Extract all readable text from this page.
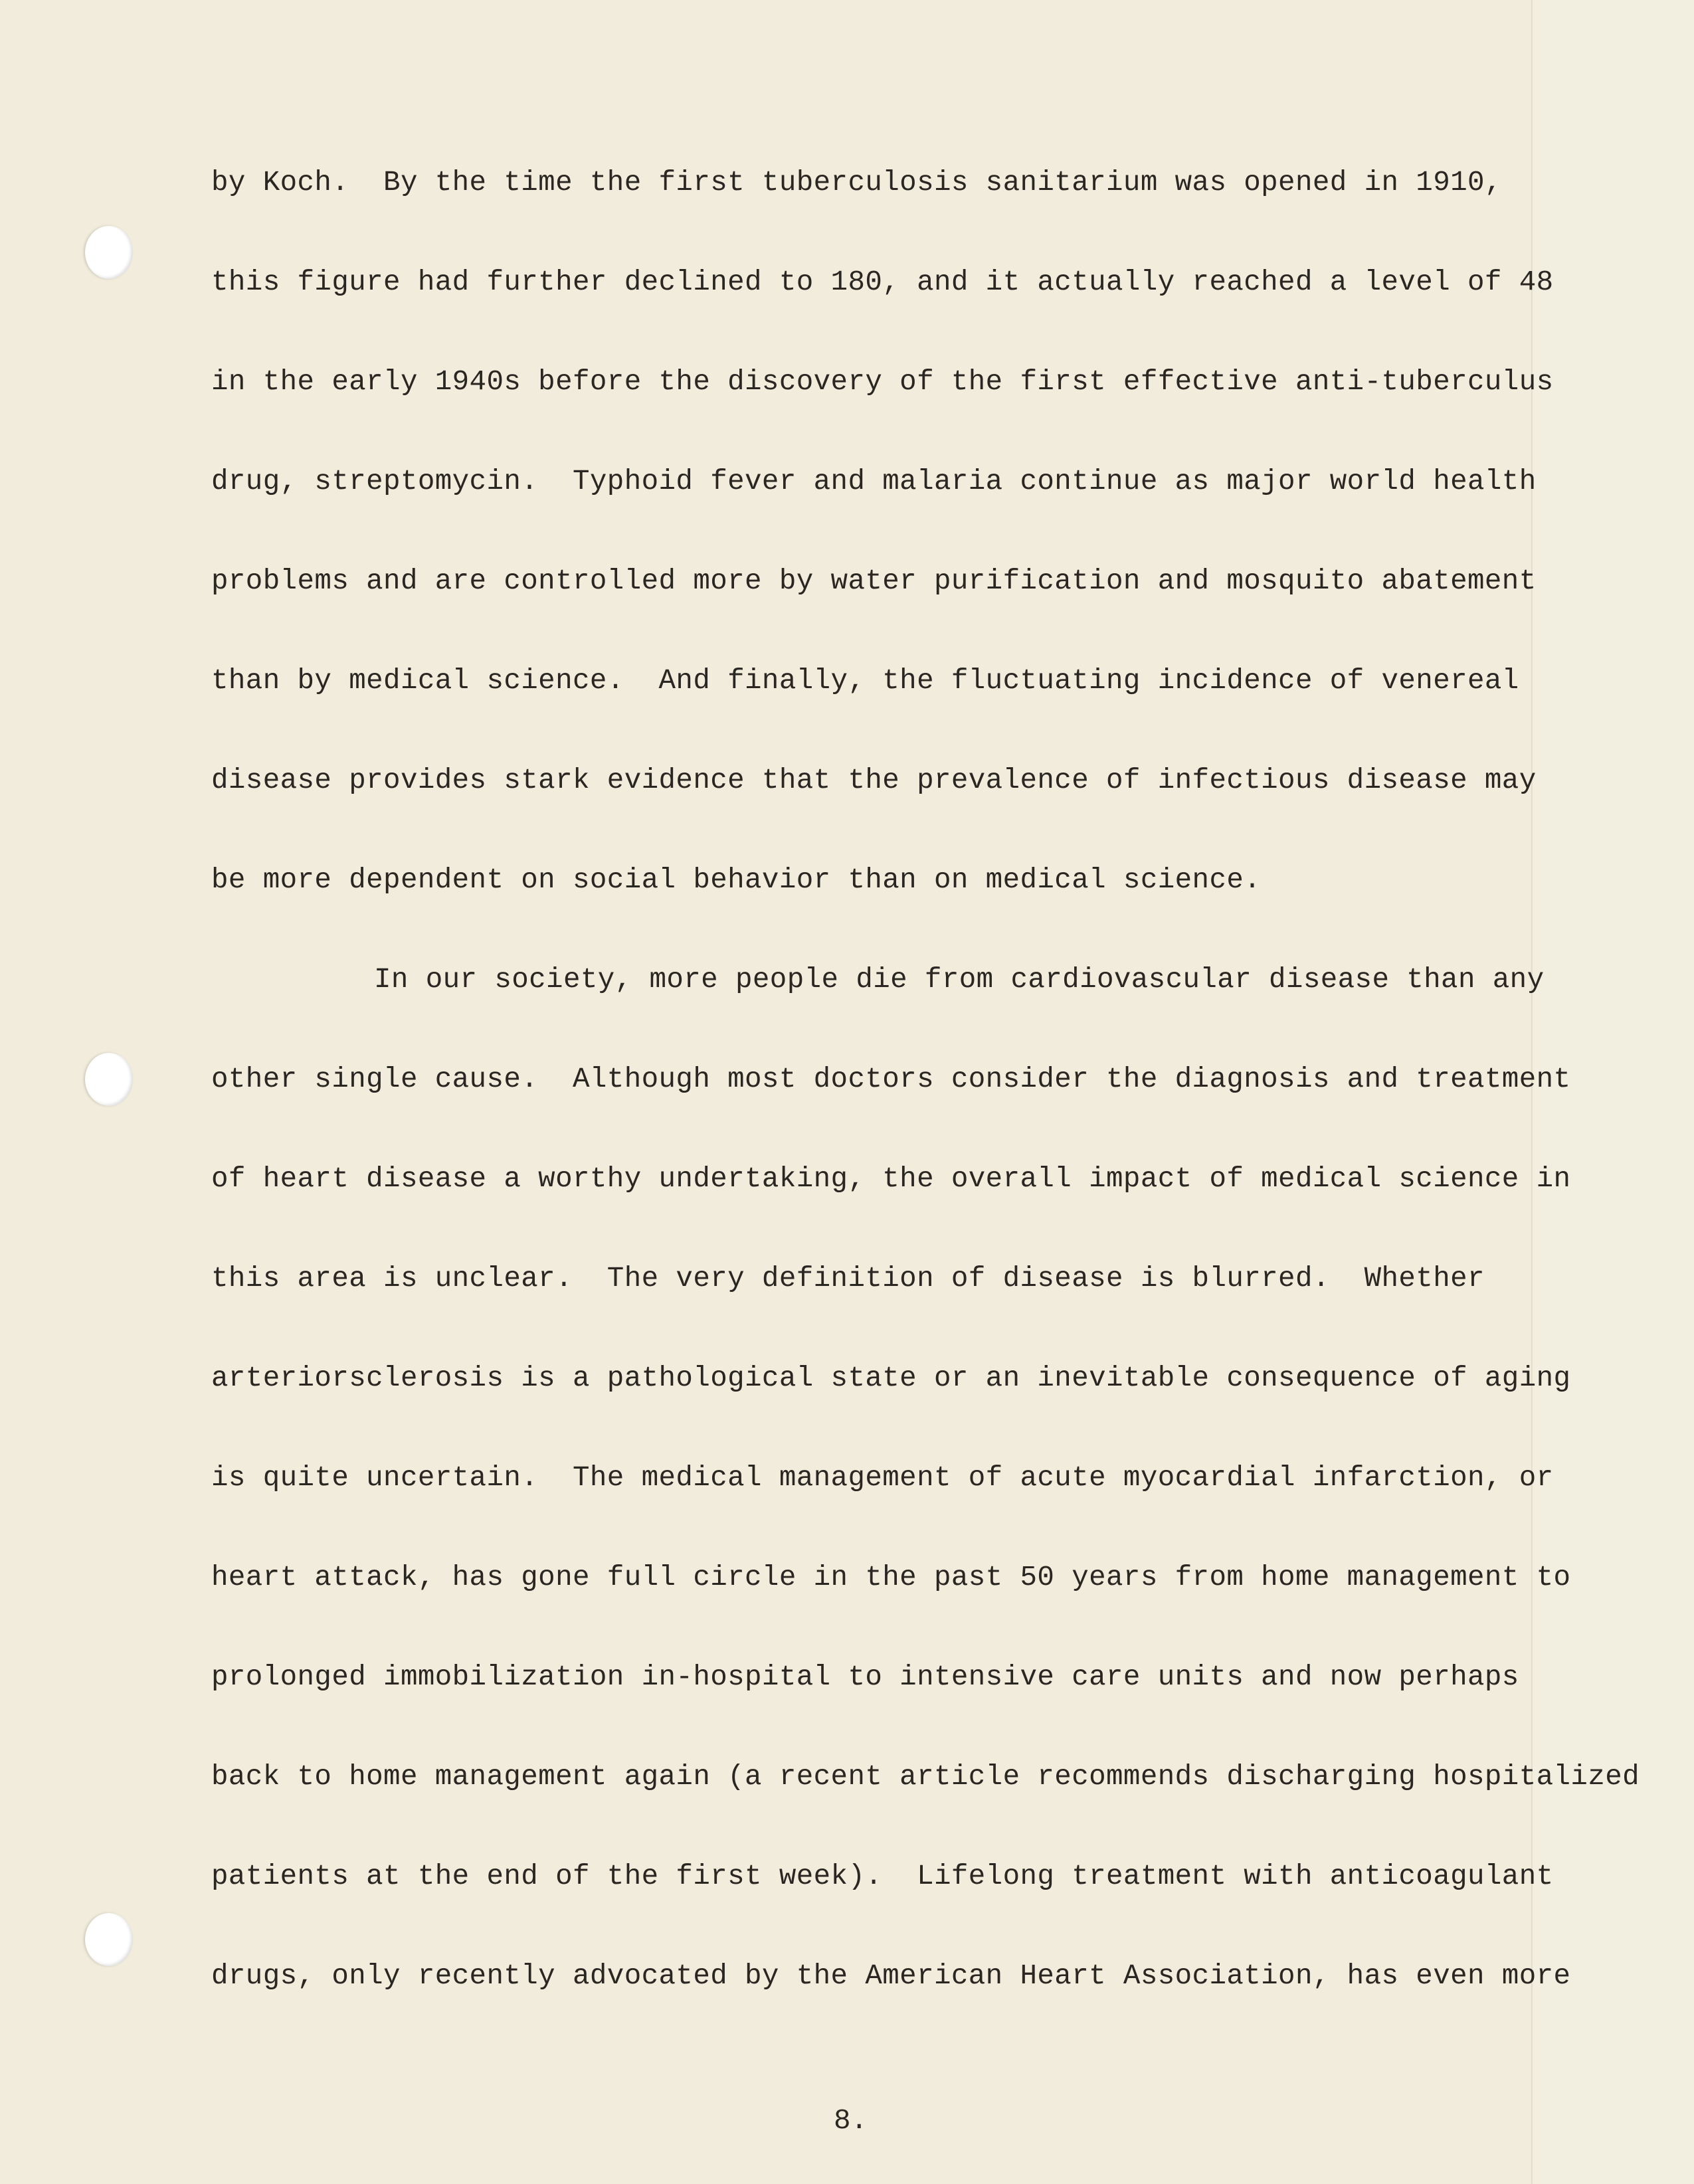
by Koch.  By the time the first tuberculosis sanitarium was opened in 1910,

this figure had further declined to 180, and it actually reached a level of 48

in the early 1940s before the discovery of the first effective anti-tuberculus

drug, streptomycin.  Typhoid fever and malaria continue as major world health

problems and are controlled more by water purification and mosquito abatement

than by medical science.  And finally, the fluctuating incidence of venereal

disease provides stark evidence that the prevalence of infectious disease may

be more dependent on social behavior than on medical science.

In our society, more people die from cardiovascular disease than any

other single cause.  Although most doctors consider the diagnosis and treatment

of heart disease a worthy undertaking, the overall impact of medical science in

this area is unclear.  The very definition of disease is blurred.  Whether

arteriorsclerosis is a pathological state or an inevitable consequence of aging

is quite uncertain.  The medical management of acute myocardial infarction, or

heart attack, has gone full circle in the past 50 years from home management to

prolonged immobilization in-hospital to intensive care units and now perhaps

back to home management again (a recent article recommends discharging hospitalized

patients at the end of the first week).  Lifelong treatment with anticoagulant

drugs, only recently advocated by the American Heart Association, has even more

8.
